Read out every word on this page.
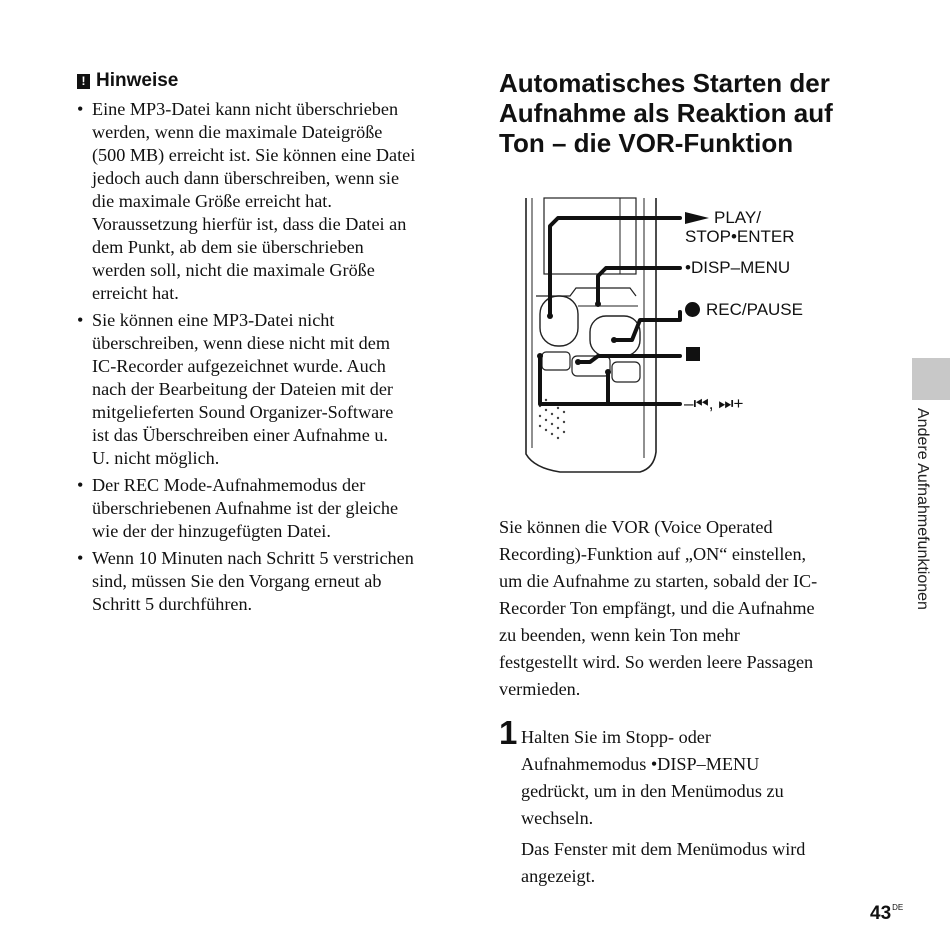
! Hinweise
• Eine MP3-Datei kann nicht überschrieben
werden, wenn die maximale Dateigröße
(500 MB) erreicht ist. Sie können eine Datei
jedoch auch dann überschreiben, wenn sie
die maximale Größe erreicht hat.
Voraussetzung hierfür ist, dass die Datei an
dem Punkt, ab dem sie überschrieben
werden soll, nicht die maximale Größe
erreicht hat.
• Sie können eine MP3-Datei nicht
überschreiben, wenn diese nicht mit dem
IC-Recorder aufgezeichnet wurde. Auch
nach der Bearbeitung der Dateien mit der
mitgelieferten Sound Organizer-Software
ist das Überschreiben einer Aufnahme u.
U. nicht möglich.
• Der REC Mode-Aufnahmemodus der
überschriebenen Aufnahme ist der gleiche
wie der der hinzugefügten Datei.
• Wenn 10 Minuten nach Schritt 5 verstrichen
sind, müssen Sie den Vorgang erneut ab
Schritt 5 durchführen.
Automatisches Starten der
Aufnahme als Reaktion auf
Ton – die VOR-Funktion
PLAY/
STOP•ENTER
•DISP–MENU
REC/PAUSE
–⏮, ⏭+
Sie können die VOR (Voice Operated
Recording)-Funktion auf „ON“ einstellen,
um die Aufnahme zu starten, sobald der IC-
Recorder Ton empfängt, und die Aufnahme
zu beenden, wenn kein Ton mehr
festgestellt wird. So werden leere Passagen
vermieden.
1 Halten Sie im Stopp- oder
Aufnahmemodus •DISP–MENU
gedrückt, um in den Menümodus zu
wechseln.
Das Fenster mit dem Menümodus wird
angezeigt.
Andere Aufnahmefunktionen
43DE
